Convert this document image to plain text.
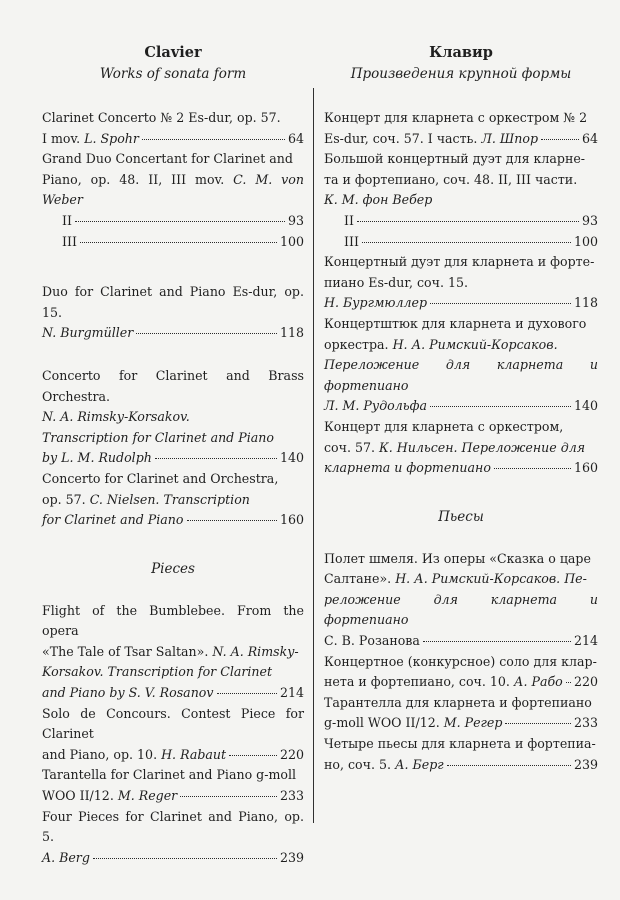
Clavier
Works of sonata form
Clarinet Concerto № 2 Es-dur, op. 57.
I mov. L. Spohr	64
Grand Duo Concertant for Clarinet and
Piano, op. 48. II, III mov. C. M. von Weber
II	93
III	100
Duo for Clarinet and Piano Es-dur, op. 15.
N. Burgmüller	118
Concerto for Clarinet and Brass Orchestra.
N. A. Rimsky-Korsakov.
Transcription for Clarinet and Piano
by L. M. Rudolph	140
Concerto for Clarinet and Orchestra,
op. 57. C. Nielsen. Transcription
for Clarinet and Piano	160
Pieces
Flight of the Bumblebee. From the opera
«The Tale of Tsar Saltan». N. A. Rimsky-
Korsakov. Transcription for Clarinet
and Piano by S. V. Rosanov	214
Solo de Concours. Contest Piece for Clarinet
and Piano, op. 10. H. Rabaut	220
Tarantella for Clarinet and Piano g-moll
WOO II/12. M. Reger	233
Four Pieces for Clarinet and Piano, op. 5.
A. Berg	239
Клавир
Произведения крупной формы
Концерт для кларнета с оркестром № 2
Es-dur, соч. 57. I часть. Л. Шпор	64
Большой концертный дуэт для кларне-
та и фортепиано, соч. 48. II, III части.
К. М. фон Вебер
II	93
III	100
Концертный дуэт для кларнета и форте-
пиано Es-dur, соч. 15.
Н. Бургмюллер	118
Концертштюк для кларнета и духового
оркестра. Н. А. Римский-Корсаков.
Переложение для кларнета и фортепиано
Л. М. Рудольфа	140
Концерт для кларнета с оркестром,
соч. 57. К. Нильсен. Переложение для
кларнета и фортепиано	160
Пьесы
Полет шмеля. Из оперы «Сказка о царе
Салтане». Н. А. Римский-Корсаков. Пе-
реложение для кларнета и фортепиано
С. В. Розанова	214
Концертное (конкурсное) соло для клар-
нета и фортепиано, соч. 10. А. Рабо 220
Тарантелла для кларнета и фортепиано
g-moll WOO II/12. М. Регер	233
Четыре пьесы для кларнета и фортепиа-
но, соч. 5. А. Берг	239
